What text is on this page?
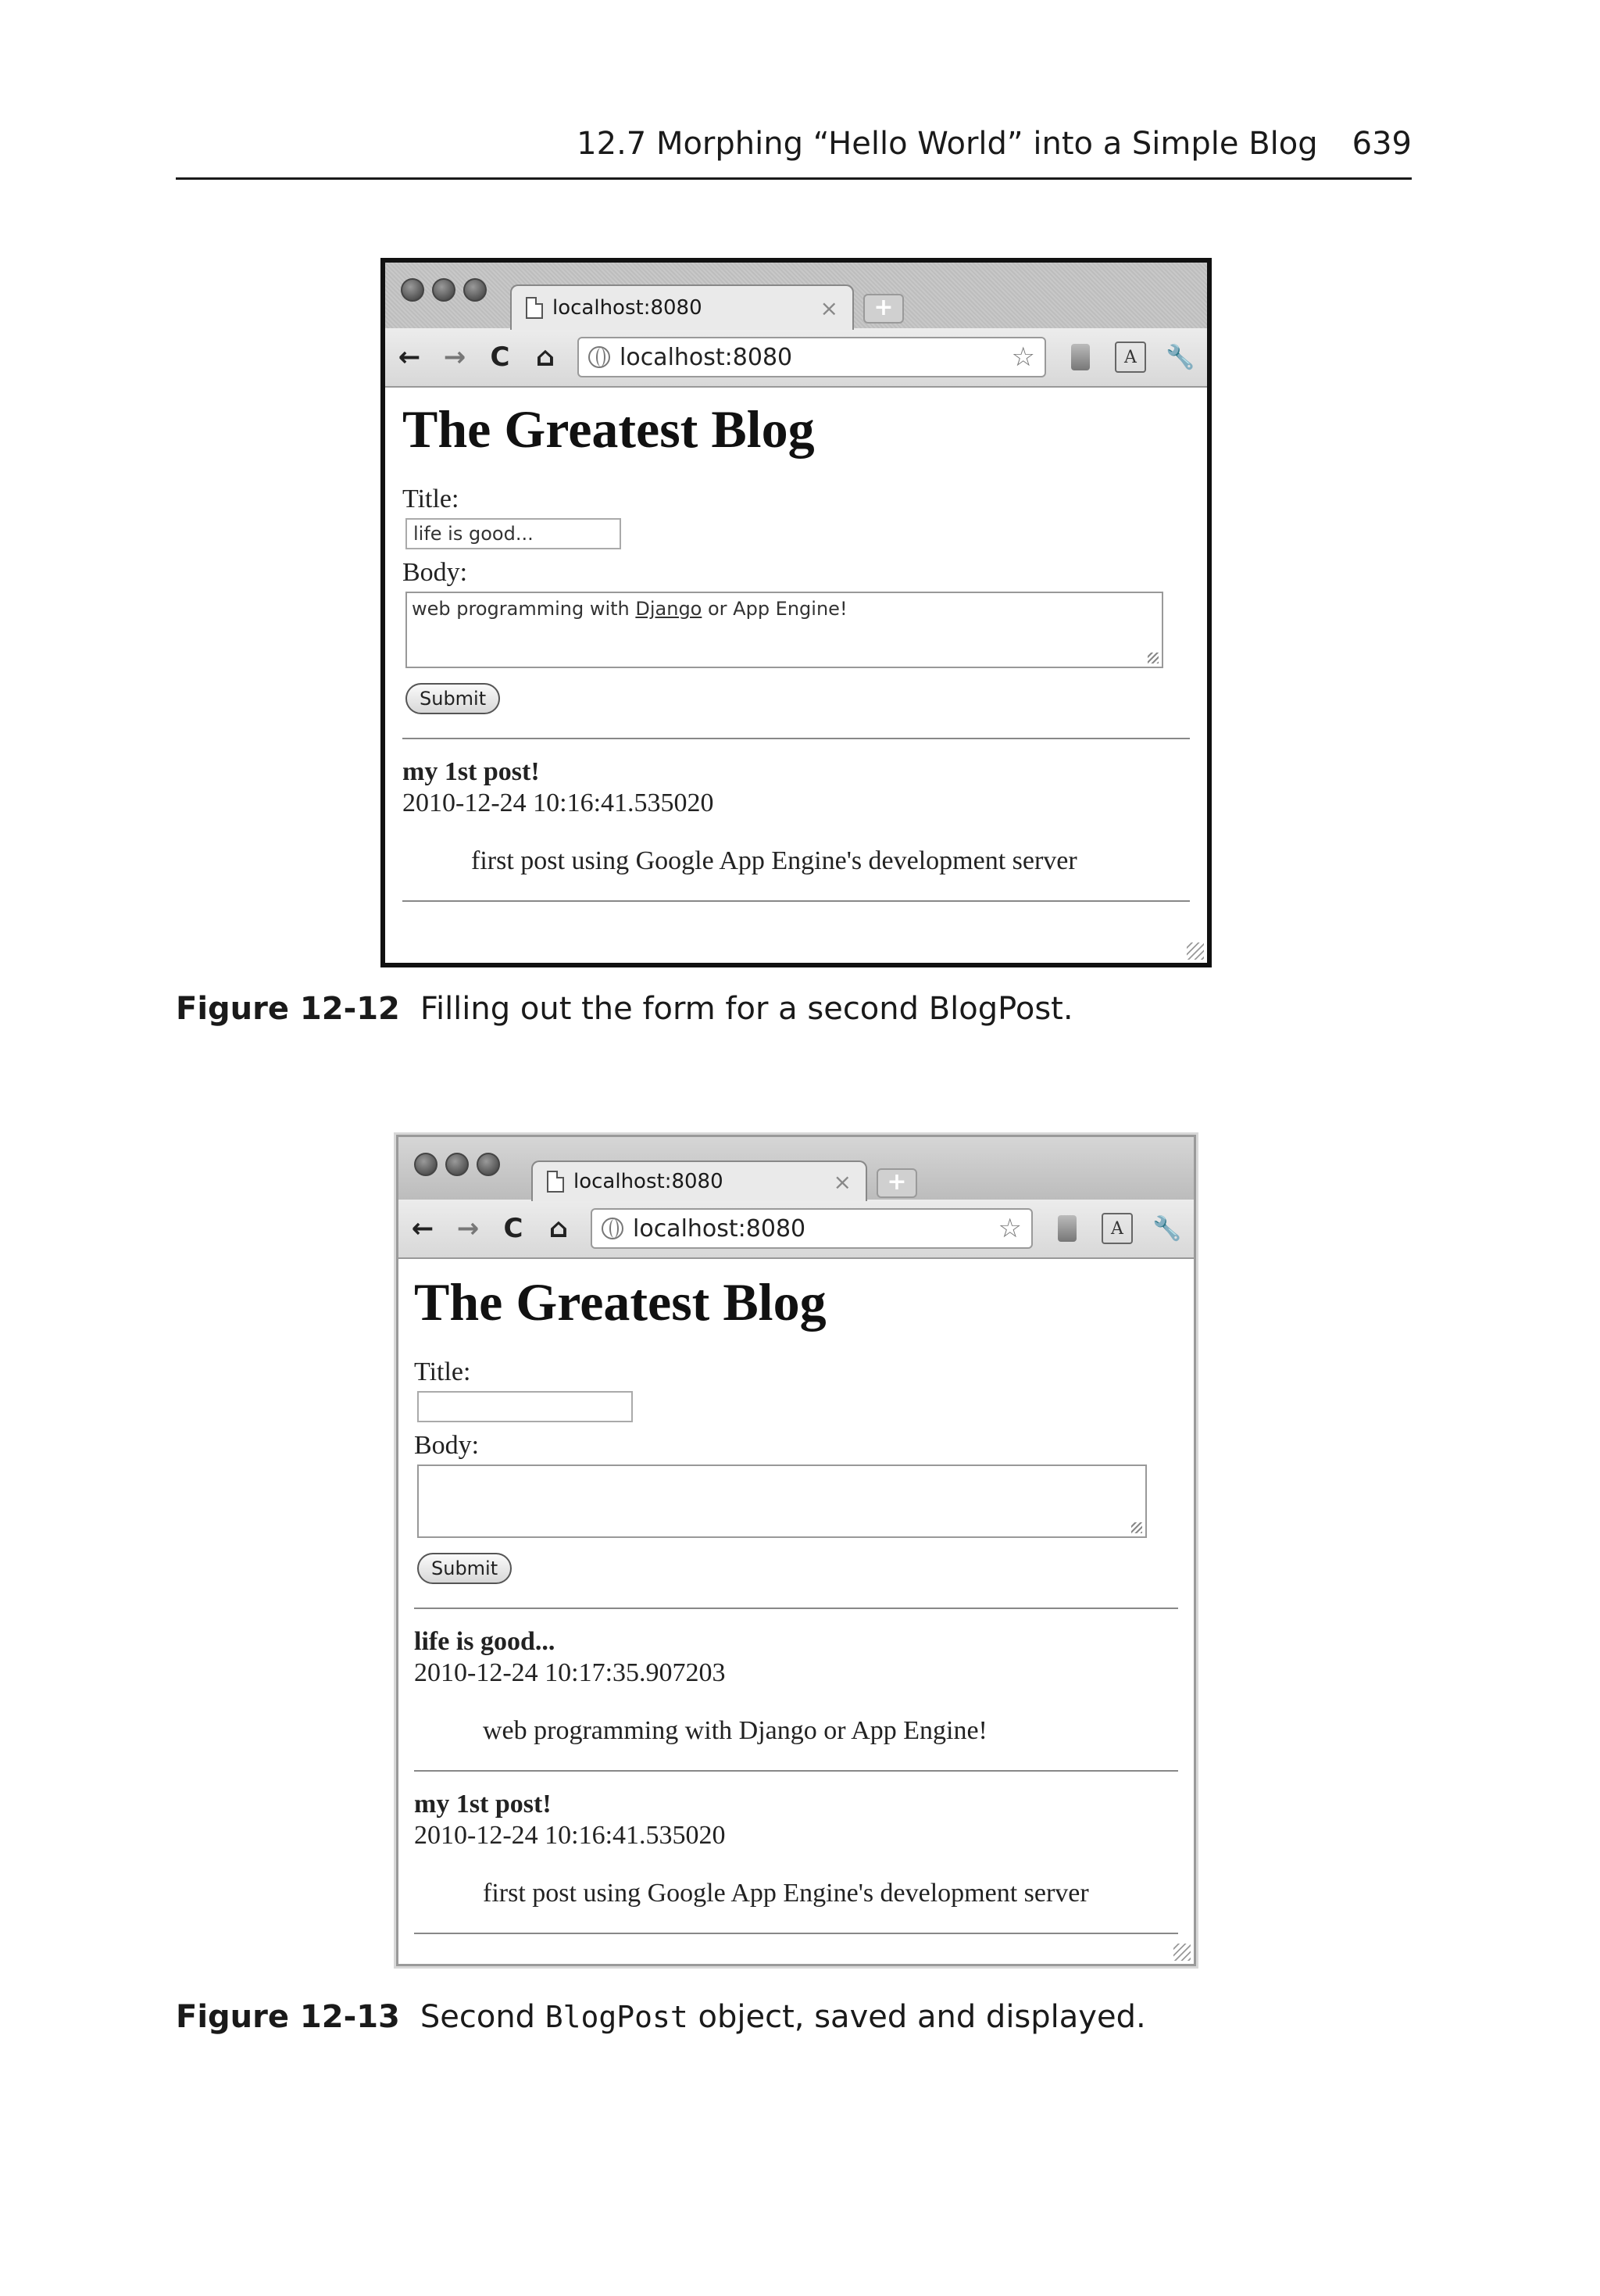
12.7 Morphing “Hello World” into a Simple Blog 639
localhost:8080	×	+
← → C ⌂	localhost:8080	☆	A	🔧
The Greatest Blog
Title:
life is good...
Body:
web programming with Django or App Engine!
Submit
my 1st post!
2010-12-24 10:16:41.535020
first post using Google App Engine's development server
Figure 12-12 Filling out the form for a second BlogPost.
localhost:8080	×	+
← → C ⌂	localhost:8080	☆	A	🔧
The Greatest Blog
Title:
Body:
Submit
life is good...
2010-12-24 10:17:35.907203
web programming with Django or App Engine!
my 1st post!
2010-12-24 10:16:41.535020
first post using Google App Engine's development server
Figure 12-13 Second BlogPost object, saved and displayed.
